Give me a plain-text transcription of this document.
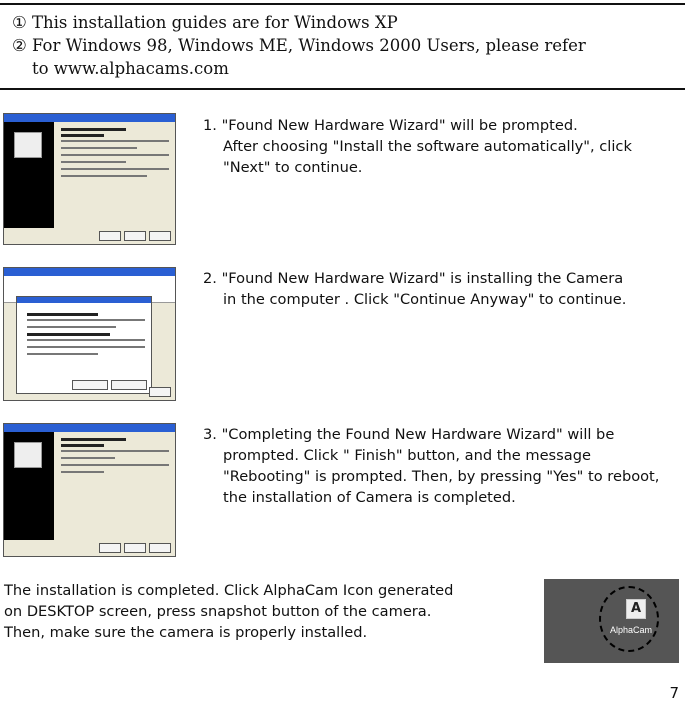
① This installation guides are for Windows XP
② For Windows 98, Windows ME, Windows 2000 Users, please refer
to www.alphacams.com
1. "Found New Hardware Wizard" will be prompted.
After choosing "Install the software automatically", click
"Next" to continue.
2. "Found New Hardware Wizard" is installing the Camera
in the computer . Click "Continue Anyway" to continue.
3. "Completing the Found New Hardware Wizard" will be
prompted. Click " Finish" button, and the message
"Rebooting" is prompted. Then, by pressing "Yes" to reboot,
the installation of Camera is completed.
The installation is completed. Click AlphaCam Icon generated
on DESKTOP screen, press snapshot button of the camera.
Then, make sure the camera is properly installed.
A
AlphaCam
7
